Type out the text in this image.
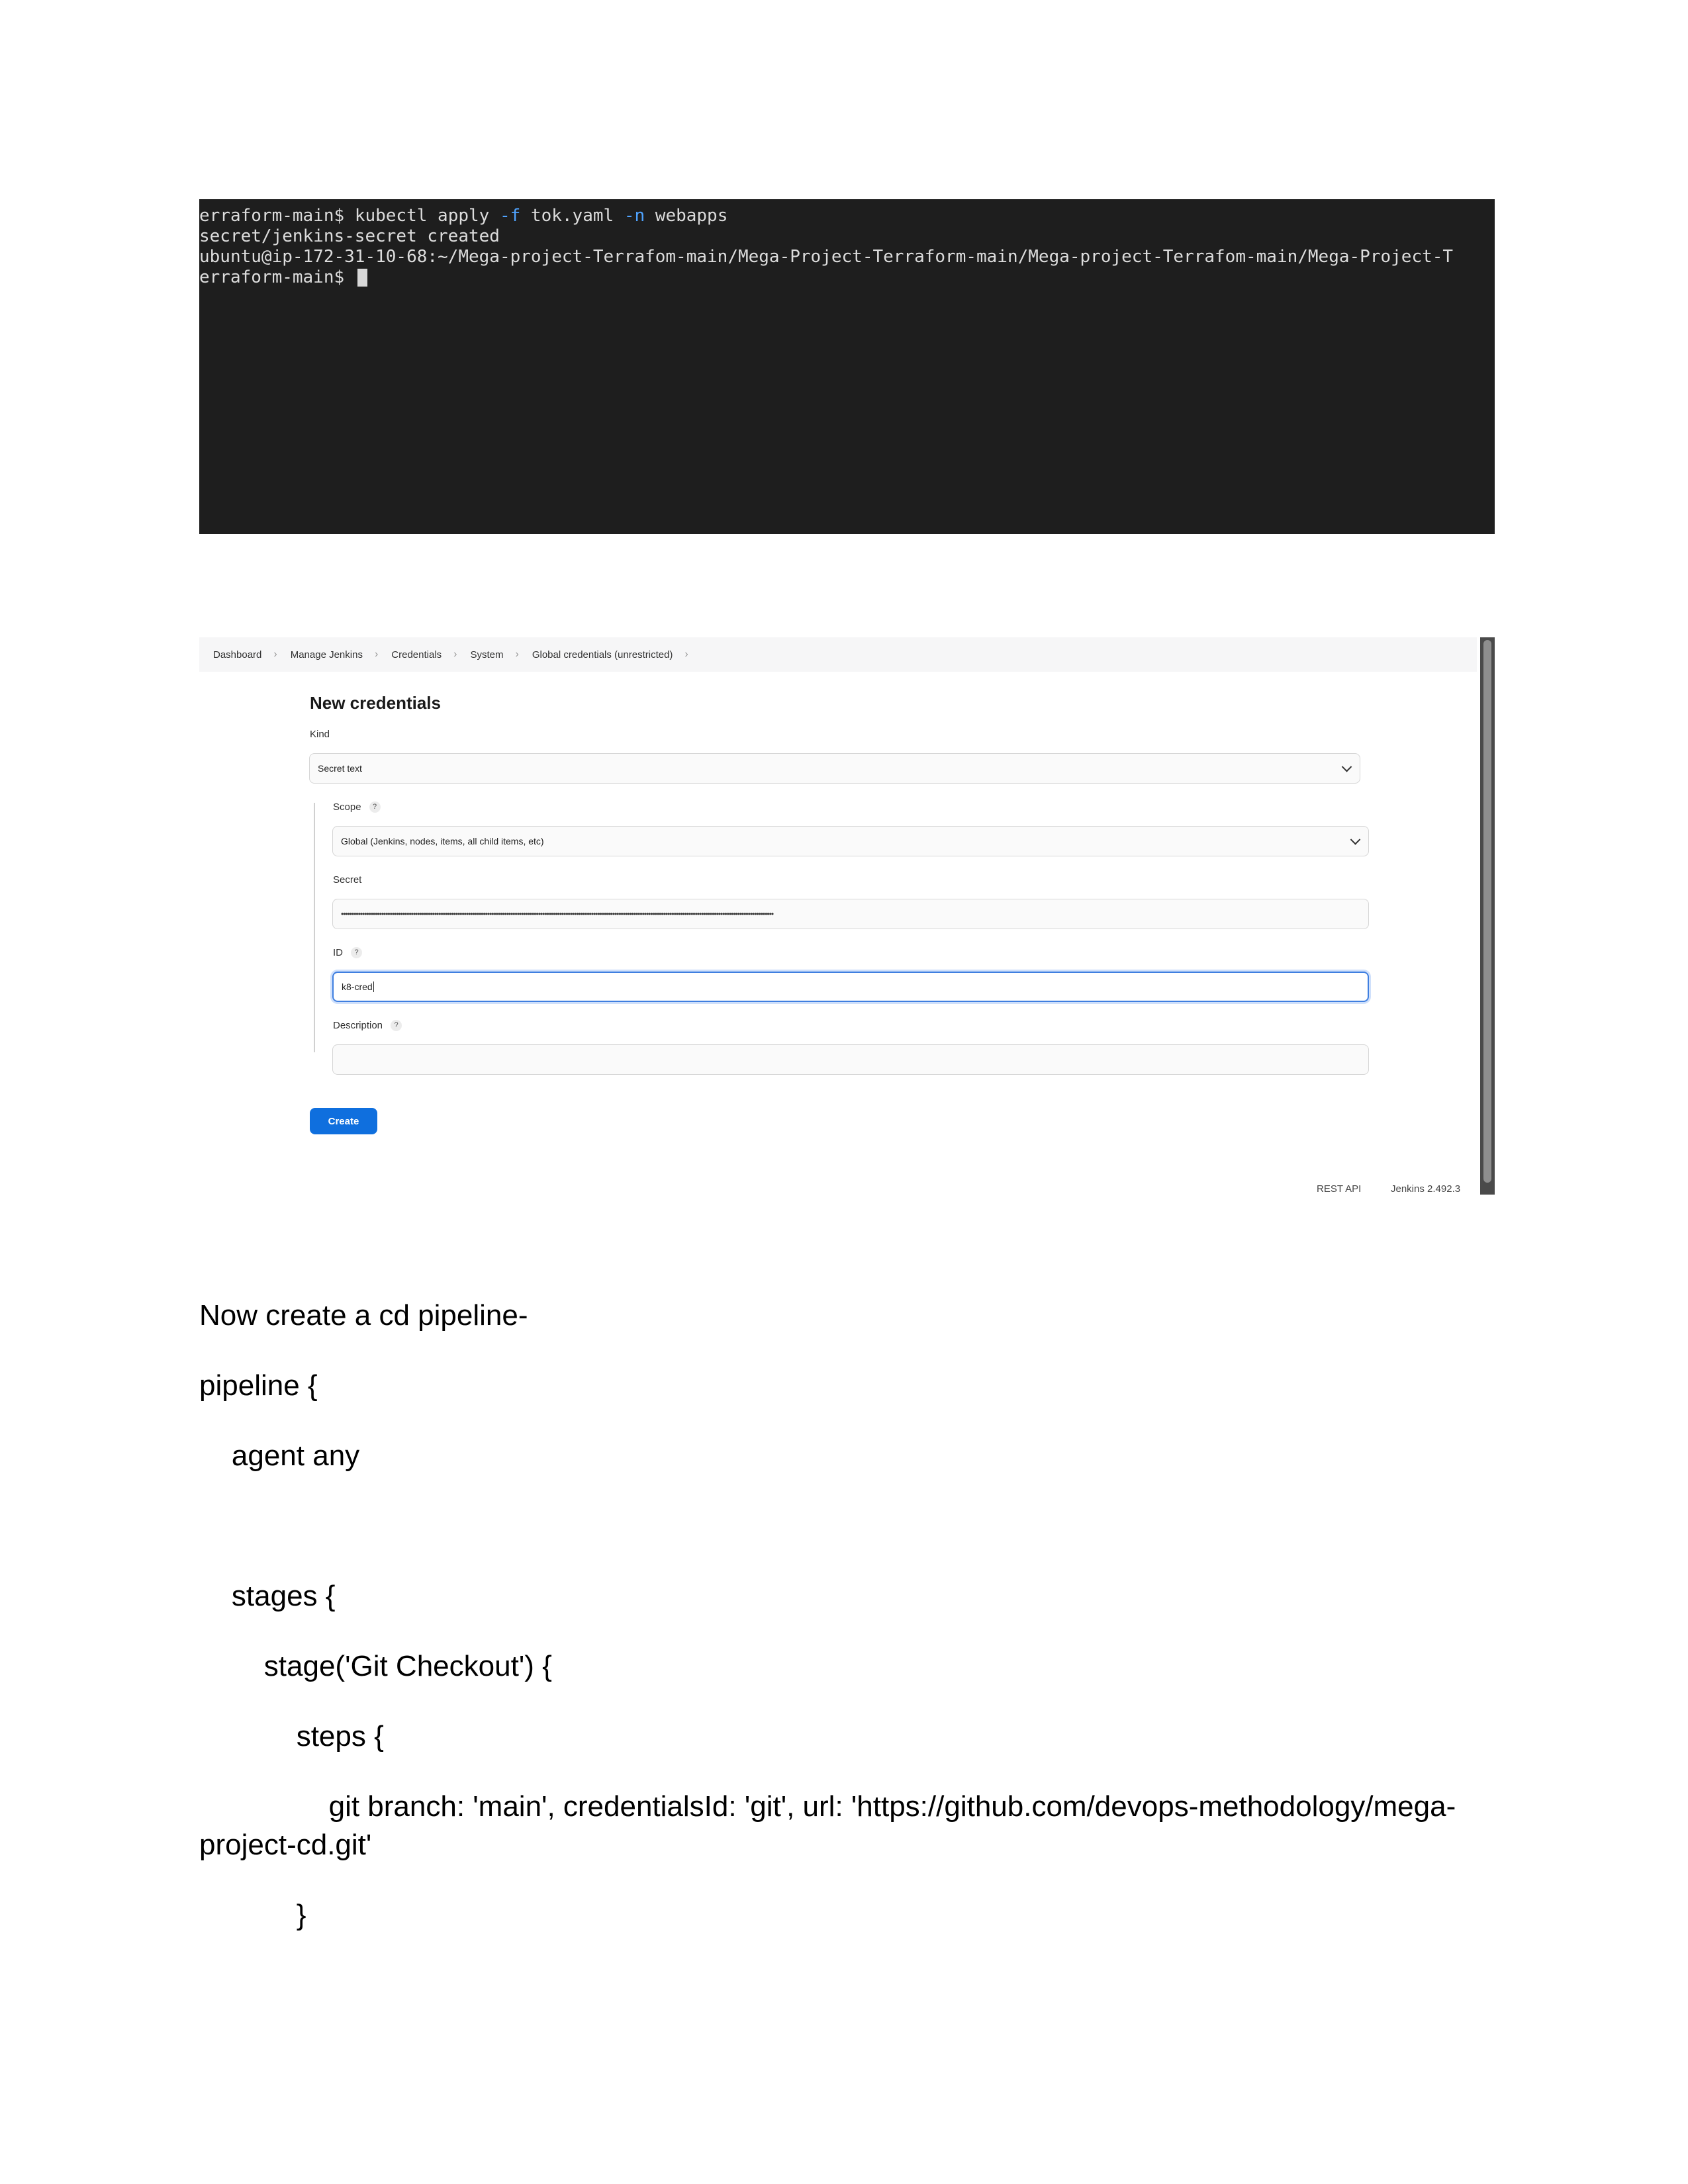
erraform-main$ kubectl apply -f tok.yaml -n webapps
secret/jenkins-secret created
ubuntu@ip-172-31-10-68:~/Mega-project-Terrafom-main/Mega-Project-Terraform-main/Mega-project-Terrafom-main/Mega-Project-T
erraform-main$
Dashboard › Manage Jenkins › Credentials › System › Global credentials (unrestricted) ›
New credentials
Kind
Secret text
Scope	?
Global (Jenkins, nodes, items, all child items, etc)
Secret
••••••••••••••••••••••••••••••••••••••••••••••••••••••••••••••••••••••••••••••••••••••••••••••••••••••••••••••••••••••••••••••••••••••••••••••••••••••••••••••••••••••••••••••••••••••••••••••••••••••••••••
ID	?
k8-cred
Description	?
Create
REST API	Jenkins 2.492.3
Now create a cd pipeline-
pipeline {
agent any
stages {
stage('Git Checkout') {
steps {
git branch: 'main', credentialsId: 'git', url: 'https://github.com/devops-methodology/mega-
project-cd.git'
}
